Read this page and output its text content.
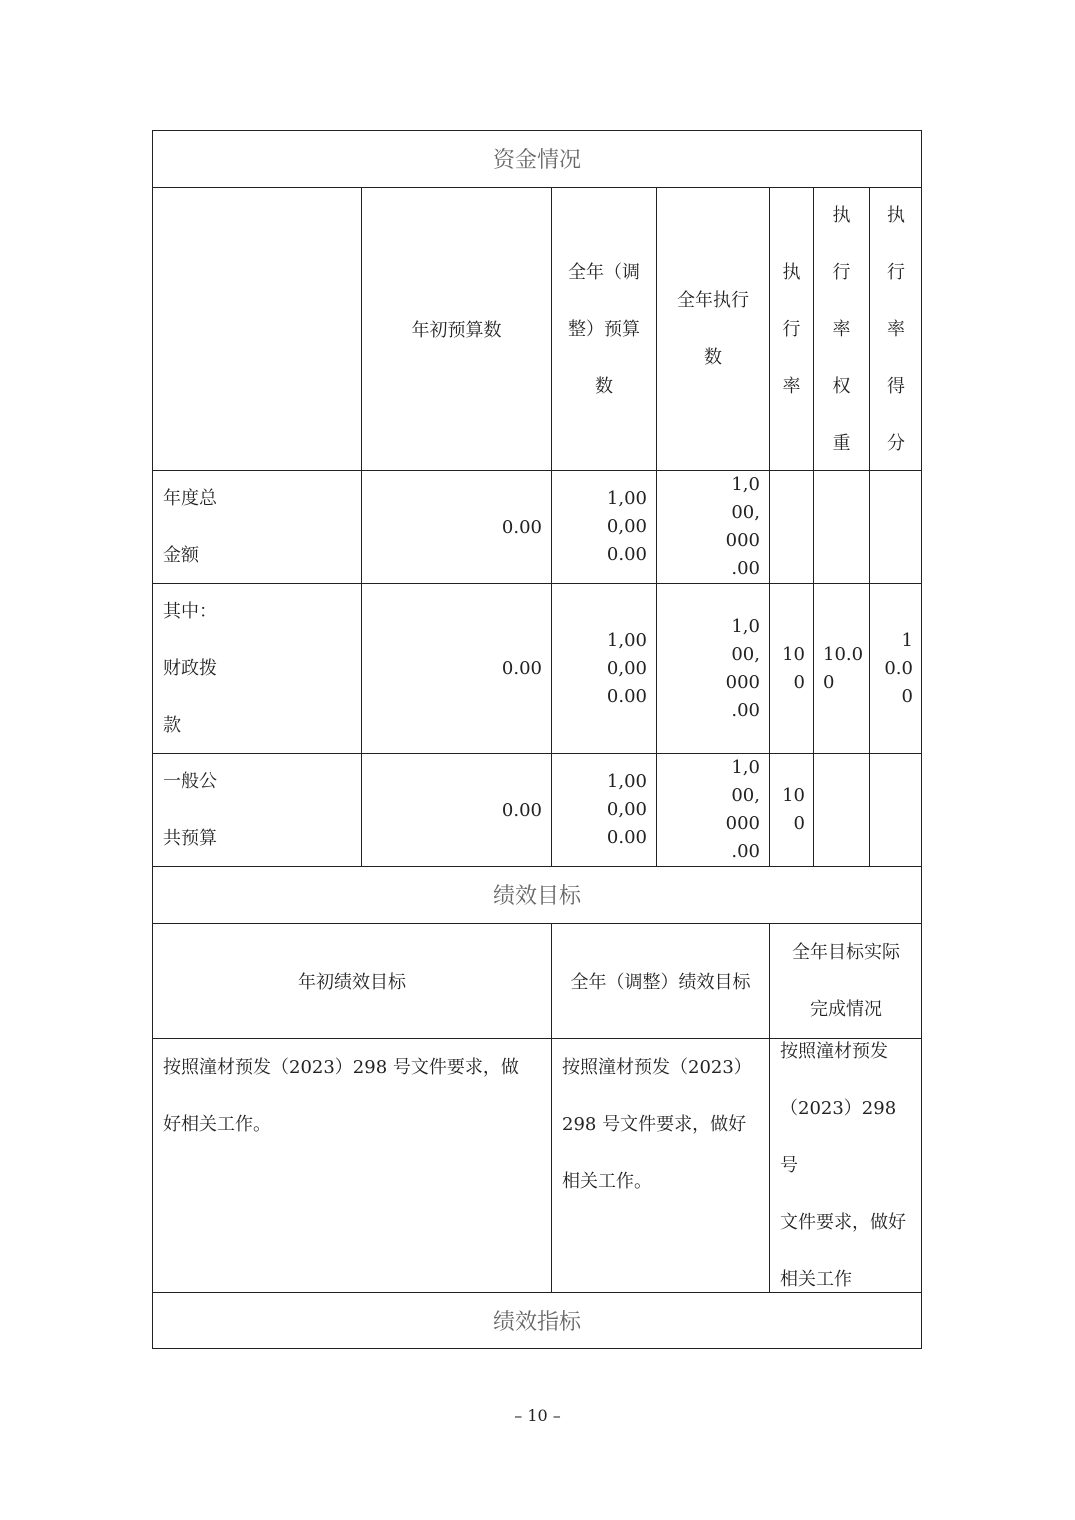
资金情况
绩效目标
绩效指标
年初预算数
全年（调
整）预算
数
全年执行
数
执
行
率
执
行
率
权
重
执
行
率
得
分
年度总
金额
0.00
1,00
0,00
0.00
1,0
00,
000
.00
其中：
财政拨
款
0.00
1,00
0,00
0.00
1,0
00,
000
.00
10
0
10.0
0
1
0.0
0
一般公
共预算
0.00
1,00
0,00
0.00
1,0
00,
000
.00
10
0
年初绩效目标	全年（调整）绩效目标
全年目标实际
完成情况
按照潼材预发（2023）298 号文件要求，做
好相关工作。
按照潼材预发（2023）
298 号文件要求，做好
相关工作。
按照潼材预发
（2023）298 号
文件要求，做好
相关工作
– 10 –
